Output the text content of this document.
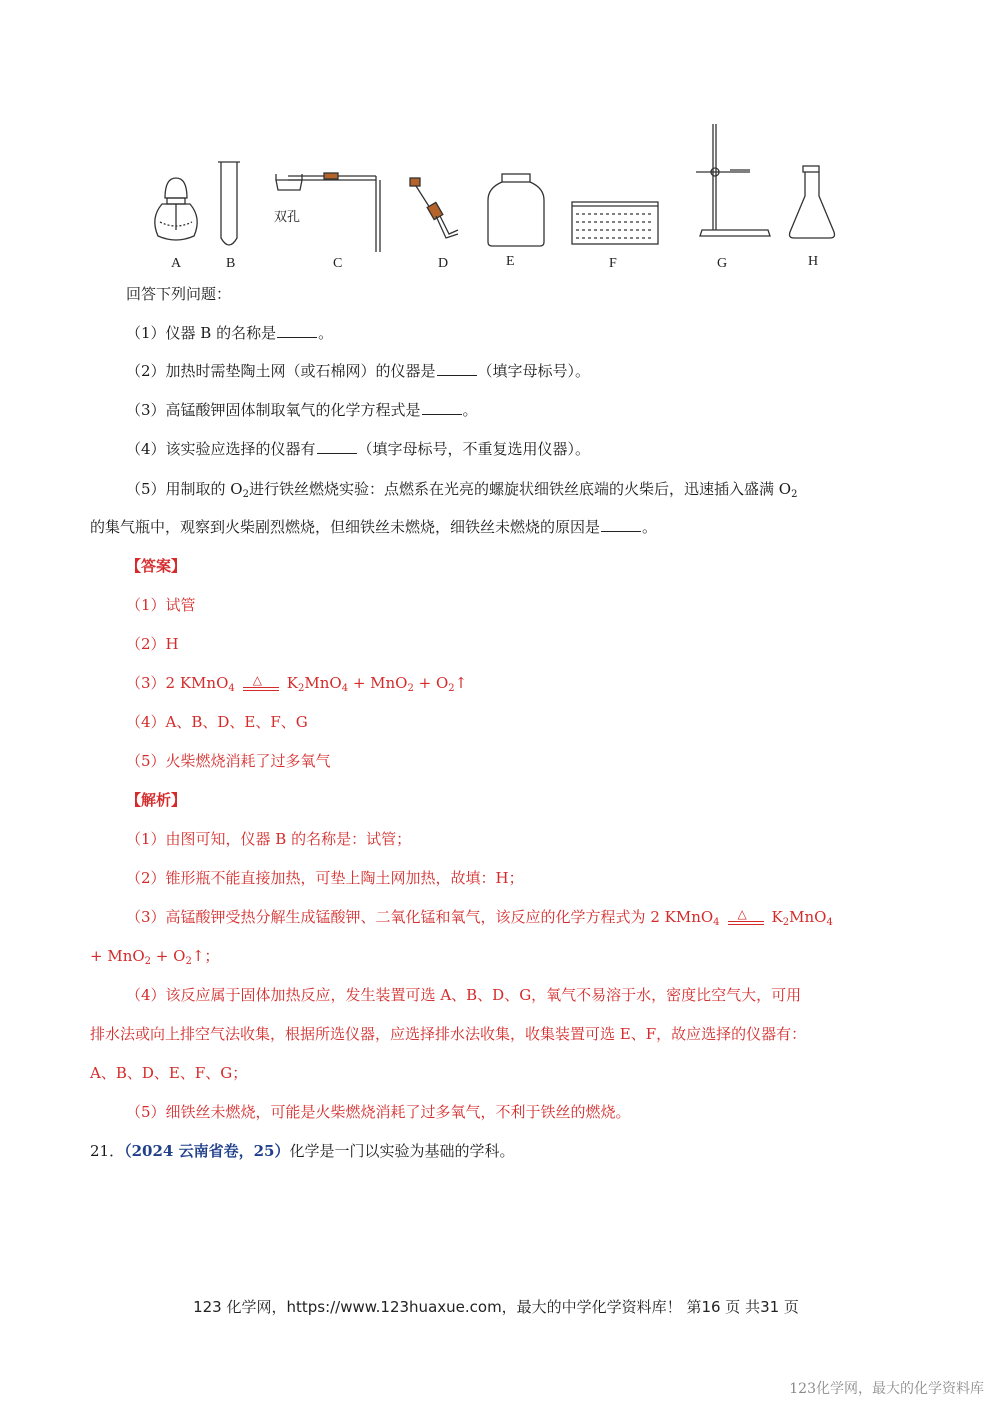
双孔
A	B	C	D	E	F	G	H
回答下列问题：
（1）仪器 B 的名称是	。
（2）加热时需垫陶土网（或石棉网）的仪器是	（填字母标号）。
（3）高锰酸钾固体制取氧气的化学方程式是	。
（4）该实验应选择的仪器有	（填字母标号，不重复选用仪器）。
（5）用制取的 $O_2$进行铁丝燃烧实验：点燃系在光亮的螺旋状细铁丝底端的火柴后，迅速插入盛满 $O_2$
的集气瓶中，观察到火柴剧烈燃烧，但细铁丝未燃烧，细铁丝未燃烧的原因是	。
【答案】
（1）试管
（2）H
（3）2 KMnO$_4$
△ $K_2MnO_4 + MnO_2$ + $O_2↑$
（4）A、B、D、E、F、G
（5）火柴燃烧消耗了过多氧气
【解析】
（1）由图可知，仪器 B 的名称是：试管；
（2）锥形瓶不能直接加热，可垫上陶土网加热，故填：H；
（3）高锰酸钾受热分解生成锰酸钾、二氧化锰和氧气，该反应的化学方程式为 2 KMnO$_4$
△ $K_2MnO_4$
+ $MnO_2 + O_2↑$；
（4）该反应属于固体加热反应，发生装置可选 A、B、D、G，氧气不易溶于水，密度比空气大，可用
排水法或向上排空气法收集，根据所选仪器，应选择排水法收集，收集装置可选 E、F，故应选择的仪器有：
A、B、D、E、F、G；
（5）细铁丝未燃烧，可能是火柴燃烧消耗了过多氧气，不利于铁丝的燃烧。
21．（2024 云南省卷，25）化学是一门以实验为基础的学科。
123 化学网，https://www.123huaxue.com，最大的中学化学资料库！ 第16 页 共31 页
123化学网，最大的化学资料库
